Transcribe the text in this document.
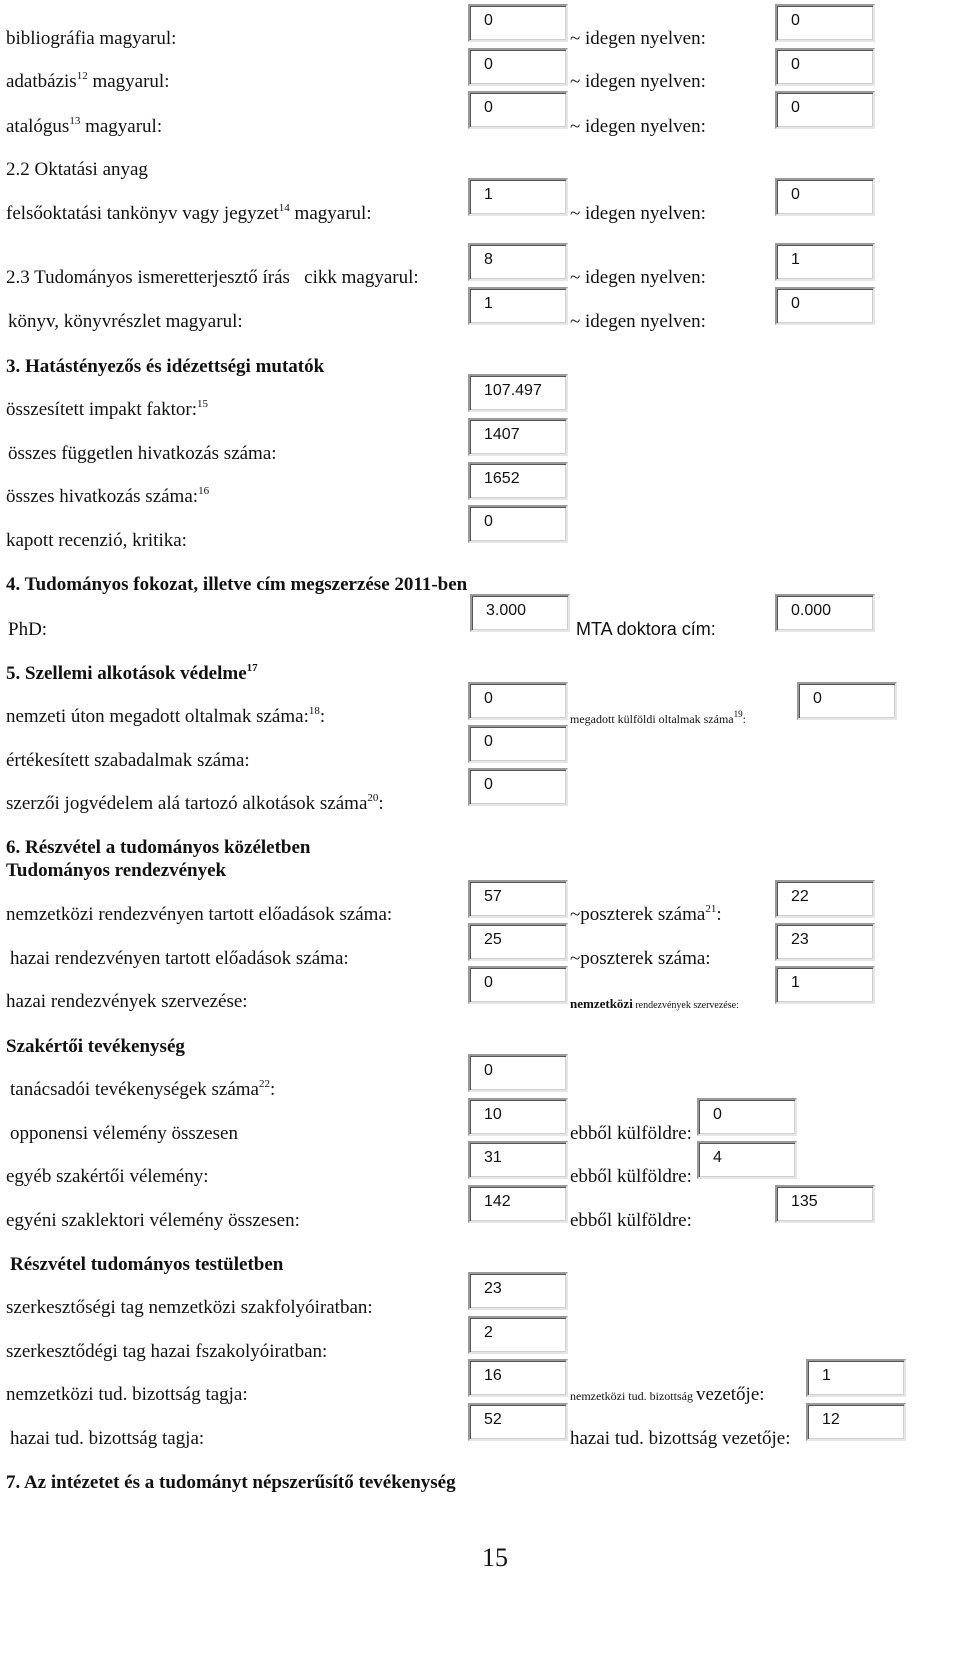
bibliográfia magyarul:
0
~ idegen nyelven:
0
adatbázis$^{12}$ magyarul:
0
~ idegen nyelven:
0
atalógus$^{13}$ magyarul:
0
~ idegen nyelven:
0
2.2 Oktatási anyag
felsőoktatási tankönyv vagy jegyzet$^{14}$ magyarul:
1
~ idegen nyelven:
0
2.3 Tudományos ismeretterjesztő írás   cikk magyarul:
8
~ idegen nyelven:
1
könyv, könyvrészlet magyarul:
1
~ idegen nyelven:
0
3. Hatástényezős és idézettségi mutatók
összesített impakt faktor:$^{15}$
107.497
összes független hivatkozás száma:
1407
összes hivatkozás száma:$^{16}$
1652
kapott recenzió, kritika:
0
4. Tudományos fokozat, illetve cím megszerzése 2011-ben
PhD:
3.000
MTA doktora cím:
0.000
5. Szellemi alkotások védelme$^{17}$
nemzeti úton megadott oltalmak száma:$^{18}$:
0
megadott külföldi oltalmak száma$^{19}$:
0
értékesített szabadalmak száma:
0
szerzői jogvédelem alá tartozó alkotások száma$^{20}$:
0
6. Részvétel a tudományos közéletben
Tudományos rendezvények
nemzetközi rendezvényen tartott előadások száma:
57
~poszterek száma$^{21}$:
22
hazai rendezvényen tartott előadások száma:
25
~poszterek száma:
23
hazai rendezvények szervezése:
0
nemzetközi rendezvények szervezése:
1
Szakértői tevékenység
tanácsadói tevékenységek száma$^{22}$:
0
opponensi vélemény összesen
10
ebből külföldre:
0
egyéb szakértői vélemény:
31
ebből külföldre:
4
egyéni szaklektori vélemény összesen:
142
ebből külföldre:
135
Részvétel tudományos testületben
szerkesztőségi tag nemzetközi szakfolyóiratban:
23
szerkesztődégi tag hazai fszakolyóiratban:
2
nemzetközi tud. bizottság tagja:
16
nemzetközi tud. bizottság vezetője:
1
hazai tud. bizottság tagja:
52
hazai tud. bizottság vezetője:
12
7. Az intézetet és a tudományt népszerűsítő tevékenység
15
